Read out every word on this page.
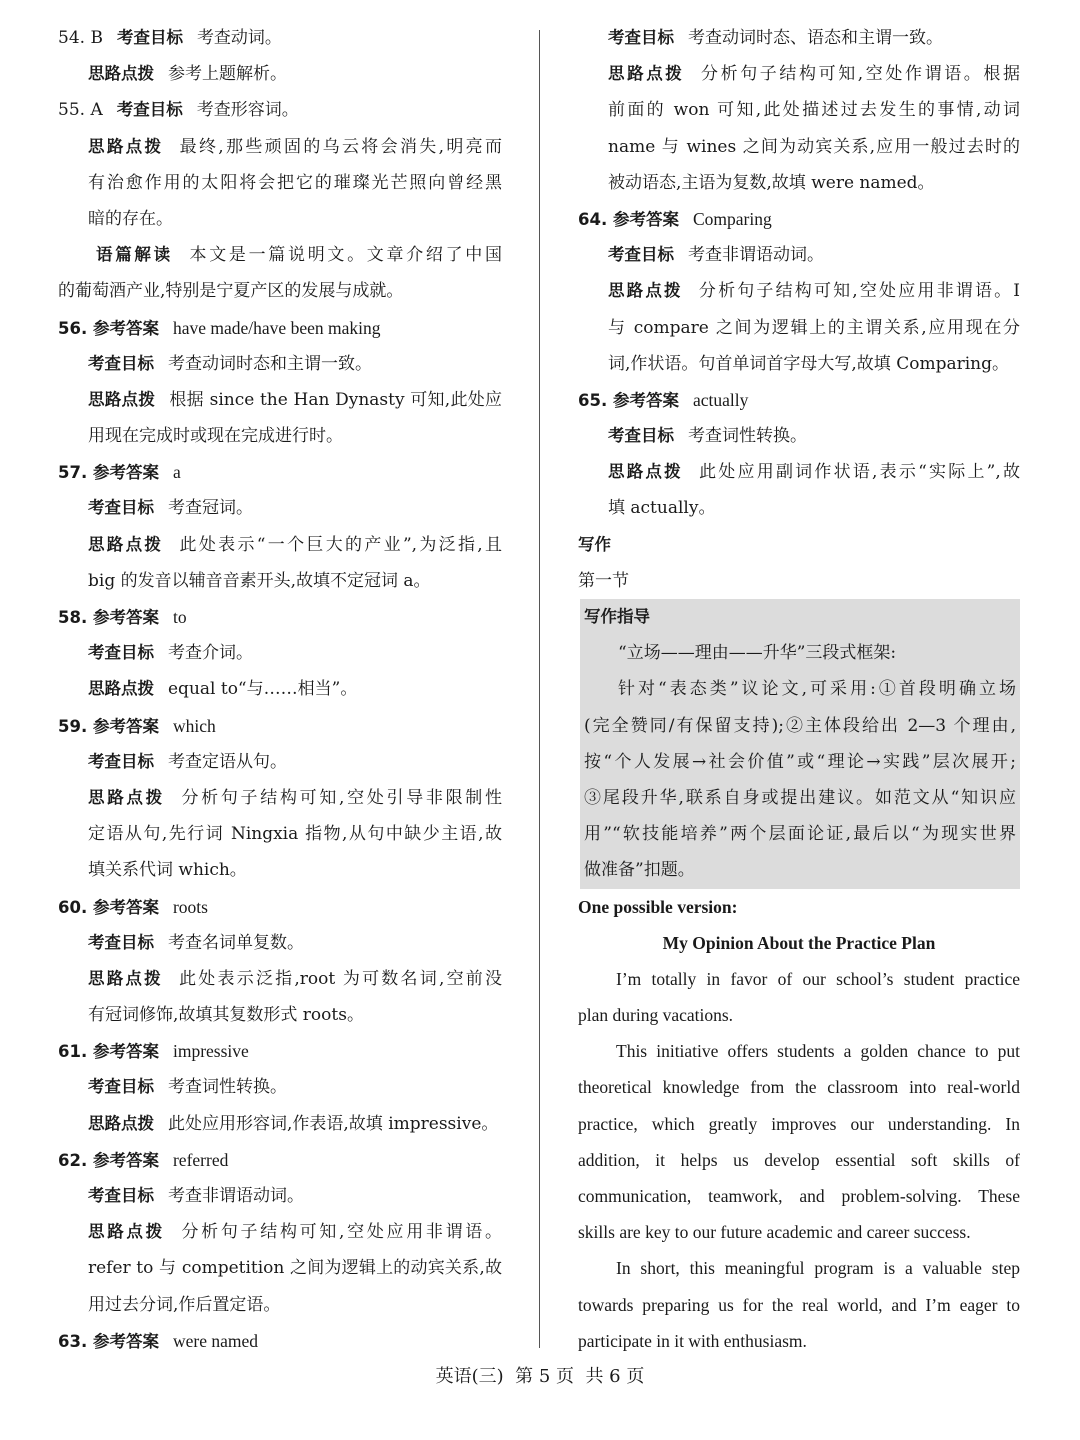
54. B 考查目标 考查动词。
思路点拨 参考上题解析。
55. A 考查目标 考查形容词。
思路点拨 最终,那些顽固的乌云将会消失,明亮而
有治愈作用的太阳将会把它的璀璨光芒照向曾经黑
暗的存在。
语篇解读 本文是一篇说明文。文章介绍了中国
的葡萄酒产业,特别是宁夏产区的发展与成就。
56. 参考答案 have made/have been making
考查目标 考查动词时态和主谓一致。
思路点拨 根据 since the Han Dynasty 可知,此处应
用现在完成时或现在完成进行时。
57. 参考答案 a
考查目标 考查冠词。
思路点拨 此处表示“一个巨大的产业”,为泛指,且
big 的发音以辅音音素开头,故填不定冠词 a。
58. 参考答案 to
考查目标 考查介词。
思路点拨 equal to“与……相当”。
59. 参考答案 which
考查目标 考查定语从句。
思路点拨 分析句子结构可知,空处引导非限制性
定语从句,先行词 Ningxia 指物,从句中缺少主语,故
填关系代词 which。
60. 参考答案 roots
考查目标 考查名词单复数。
思路点拨 此处表示泛指,root 为可数名词,空前没
有冠词修饰,故填其复数形式 roots。
61. 参考答案 impressive
考查目标 考查词性转换。
思路点拨 此处应用形容词,作表语,故填 impressive。
62. 参考答案 referred
考查目标 考查非谓语动词。
思路点拨 分析句子结构可知,空处应用非谓语。
refer to 与 competition 之间为逻辑上的动宾关系,故
用过去分词,作后置定语。
63. 参考答案 were named
考查目标 考查动词时态、语态和主谓一致。
思路点拨 分析句子结构可知,空处作谓语。根据
前面的 won 可知,此处描述过去发生的事情,动词
name 与 wines 之间为动宾关系,应用一般过去时的
被动语态,主语为复数,故填 were named。
64. 参考答案 Comparing
考查目标 考查非谓语动词。
思路点拨 分析句子结构可知,空处应用非谓语。I
与 compare 之间为逻辑上的主谓关系,应用现在分
词,作状语。句首单词首字母大写,故填 Comparing。
65. 参考答案 actually
考查目标 考查词性转换。
思路点拨 此处应用副词作状语,表示“实际上”,故
填 actually。
写作
第一节
写作指导
“立场——理由——升华”三段式框架:
针对“表态类”议论文,可采用:①首段明确立场
(完全赞同/有保留支持);②主体段给出 2—3 个理由,
按“个人发展→社会价值”或“理论→实践”层次展开;
③尾段升华,联系自身或提出建议。如范文从“知识应
用”“软技能培养”两个层面论证,最后以“为现实世界
做准备”扣题。
One possible version:
My Opinion About the Practice Plan
I’m totally in favor of our school’s student practice
plan during vacations.
This initiative offers students a golden chance to put
theoretical knowledge from the classroom into real-world
practice, which greatly improves our understanding. In
addition, it helps us develop essential soft skills of
communication, teamwork, and problem-solving. These
skills are key to our future academic and career success.
In short, this meaningful program is a valuable step
towards preparing us for the real world, and I’m eager to
participate in it with enthusiasm.
英语(三)  第 5 页  共 6 页
